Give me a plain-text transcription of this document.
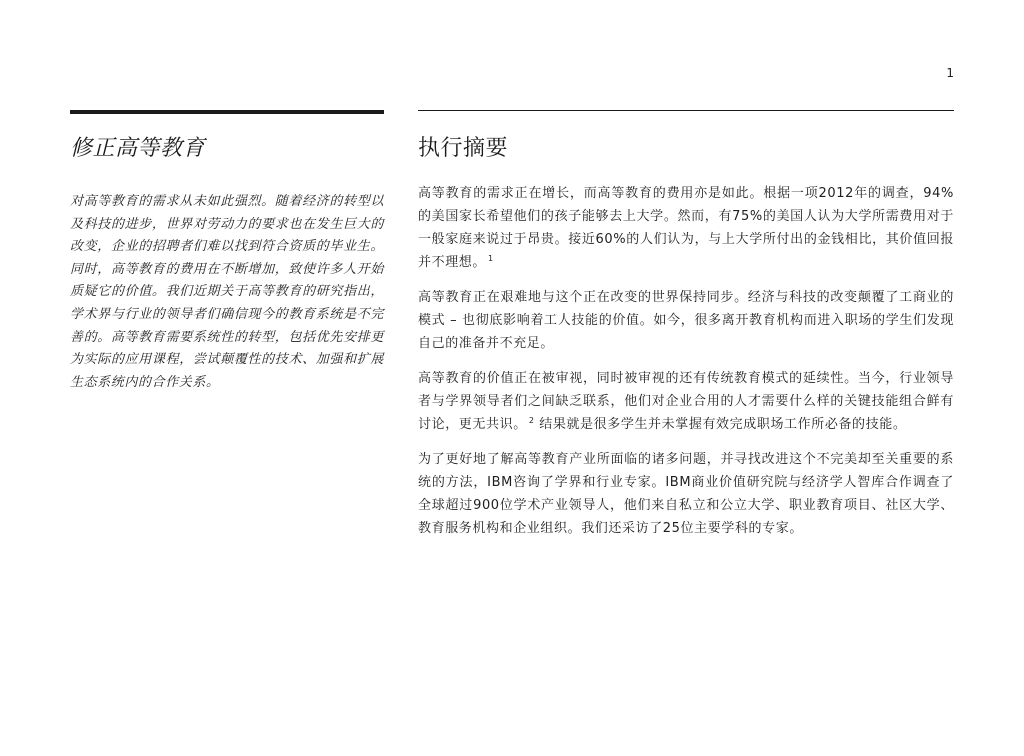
1
修正高等教育

对高等教育的需求从未如此强烈。随着经济的转型以及科技的进步，世界对劳动力的要求也在发生巨大的改变，企业的招聘者们难以找到符合资质的毕业生。同时，高等教育的费用在不断增加，致使许多人开始质疑它的价值。我们近期关于高等教育的研究指出，学术界与行业的领导者们确信现今的教育系统是不完善的。高等教育需要系统性的转型，包括优先安排更为实际的应用课程，尝试颠覆性的技术、加强和扩展生态系统内的合作关系。

执行摘要

高等教育的需求正在增长，而高等教育的费用亦是如此。根据一项2012年的调查，94%的美国家长希望他们的孩子能够去上大学。然而，有75%的美国人认为大学所需费用对于一般家庭来说过于昂贵。接近60%的人们认为，与上大学所付出的金钱相比，其价值回报并不理想。 $^1$

高等教育正在艰难地与这个正在改变的世界保持同步。经济与科技的改变颠覆了工商业的模式 – 也彻底影响着工人技能的价值。如今，很多离开教育机构而进入职场的学生们发现自己的准备并不充足。

高等教育的价值正在被审视，同时被审视的还有传统教育模式的延续性。当今，行业领导者与学界领导者们之间缺乏联系，他们对企业合用的人才需要什么样的关键技能组合鲜有讨论，更无共识。 $^2$ 结果就是很多学生并未掌握有效完成职场工作所必备的技能。

为了更好地了解高等教育产业所面临的诸多问题，并寻找改进这个不完美却至关重要的系统的方法，IBM咨询了学界和行业专家。IBM商业价值研究院与经济学人智库合作调查了全球超过900位学术产业领导人，他们来自私立和公立大学、职业教育项目、社区大学、教育服务机构和企业组织。我们还采访了25位主要学科的专家。
